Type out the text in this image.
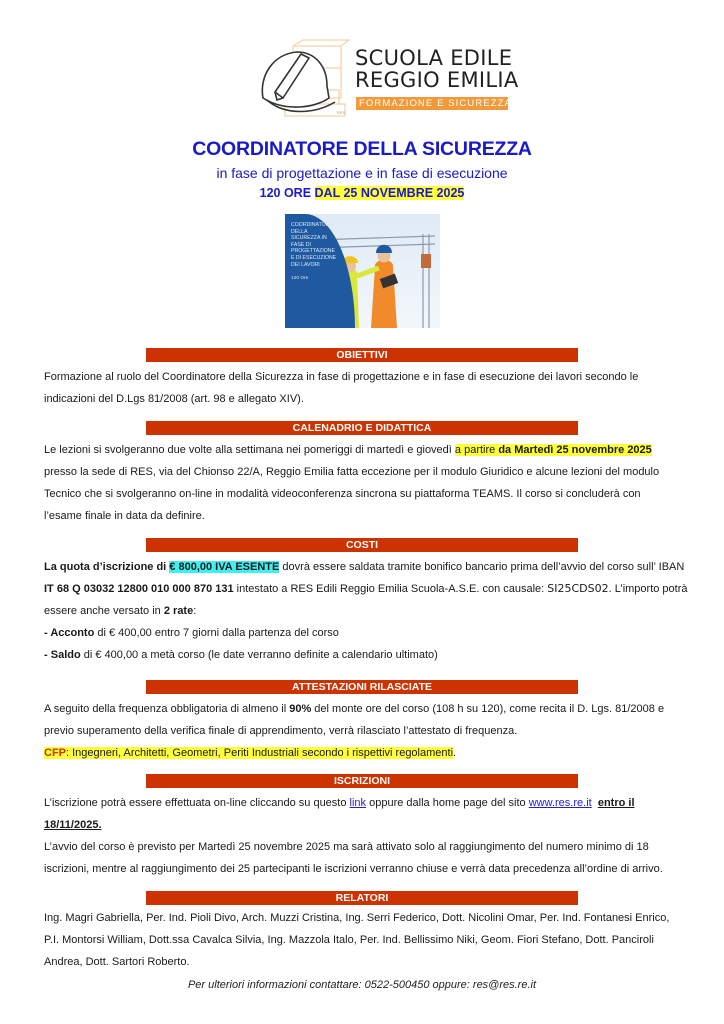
RES
SCUOLA EDILE
REGGIO EMILIA
FORMAZIONE E SICUREZZA
COORDINATORE DELLA SICUREZZA
in fase di progettazione e in fase di esecuzione
120 ORE DAL 25 NOVEMBRE 2025
COORDINATORE
DELLA
SICUREZZA IN
FASE DI
PROGETTAZIONE
E DI ESECUZIONE
DEI LAVORI
120 Ore
OBIETTIVI
Formazione al ruolo del Coordinatore della Sicurezza in fase di progettazione e in fase di esecuzione dei lavori secondo le
indicazioni del D.Lgs 81/2008 (art. 98 e allegato XIV).
CALENADRIO E DIDATTICA
Le lezioni si svolgeranno due volte alla settimana nei pomeriggi di martedì e giovedì a partire da Martedì 25 novembre 2025
presso la sede di RES, via del Chionso 22/A, Reggio Emilia fatta eccezione per il modulo Giuridico e alcune lezioni del modulo
Tecnico che si svolgeranno on-line in modalità videoconferenza sincrona su piattaforma TEAMS. Il corso si concluderà con
l’esame finale in data da definire.
COSTI
La quota d’iscrizione di € 800,00 IVA ESENTE dovrà essere saldata tramite bonifico bancario prima dell’avvio del corso sull’ IBAN
IT 68 Q 03032 12800 010 000 870 131 intestato a RES Edili Reggio Emilia Scuola-A.S.E. con causale: SI25CDS02. L’importo potrà
essere anche versato in 2 rate:
- Acconto di € 400,00 entro 7 giorni dalla partenza del corso
- Saldo di € 400,00 a metà corso (le date verranno definite a calendario ultimato)
ATTESTAZIONI RILASCIATE
A seguito della frequenza obbligatoria di almeno il 90% del monte ore del corso (108 h su 120), come recita il D. Lgs. 81/2008 e
previo superamento della verifica finale di apprendimento, verrà rilasciato l’attestato di frequenza.
CFP: Ingegneri, Architetti, Geometri, Periti Industriali secondo i rispettivi regolamenti.
ISCRIZIONI
L’iscrizione potrà essere effettuata on-line cliccando su questo link oppure dalla home page del sito www.res.re.it entro il
18/11/2025.
L’avvio del corso è previsto per Martedì 25 novembre 2025 ma sarà attivato solo al raggiungimento del numero minimo di 18
iscrizioni, mentre al raggiungimento dei 25 partecipanti le iscrizioni verranno chiuse e verrà data precedenza all’ordine di arrivo.
RELATORI
Ing. Magri Gabriella, Per. Ind. Pioli Divo, Arch. Muzzi Cristina, Ing. Serri Federico, Dott. Nicolini Omar, Per. Ind. Fontanesi Enrico,
P.I. Montorsi William, Dott.ssa Cavalca Silvia, Ing. Mazzola Italo, Per. Ind. Bellissimo Niki, Geom. Fiori Stefano, Dott. Panciroli
Andrea, Dott. Sartori Roberto.
Per ulteriori informazioni contattare: 0522-500450 oppure: res@res.re.it
